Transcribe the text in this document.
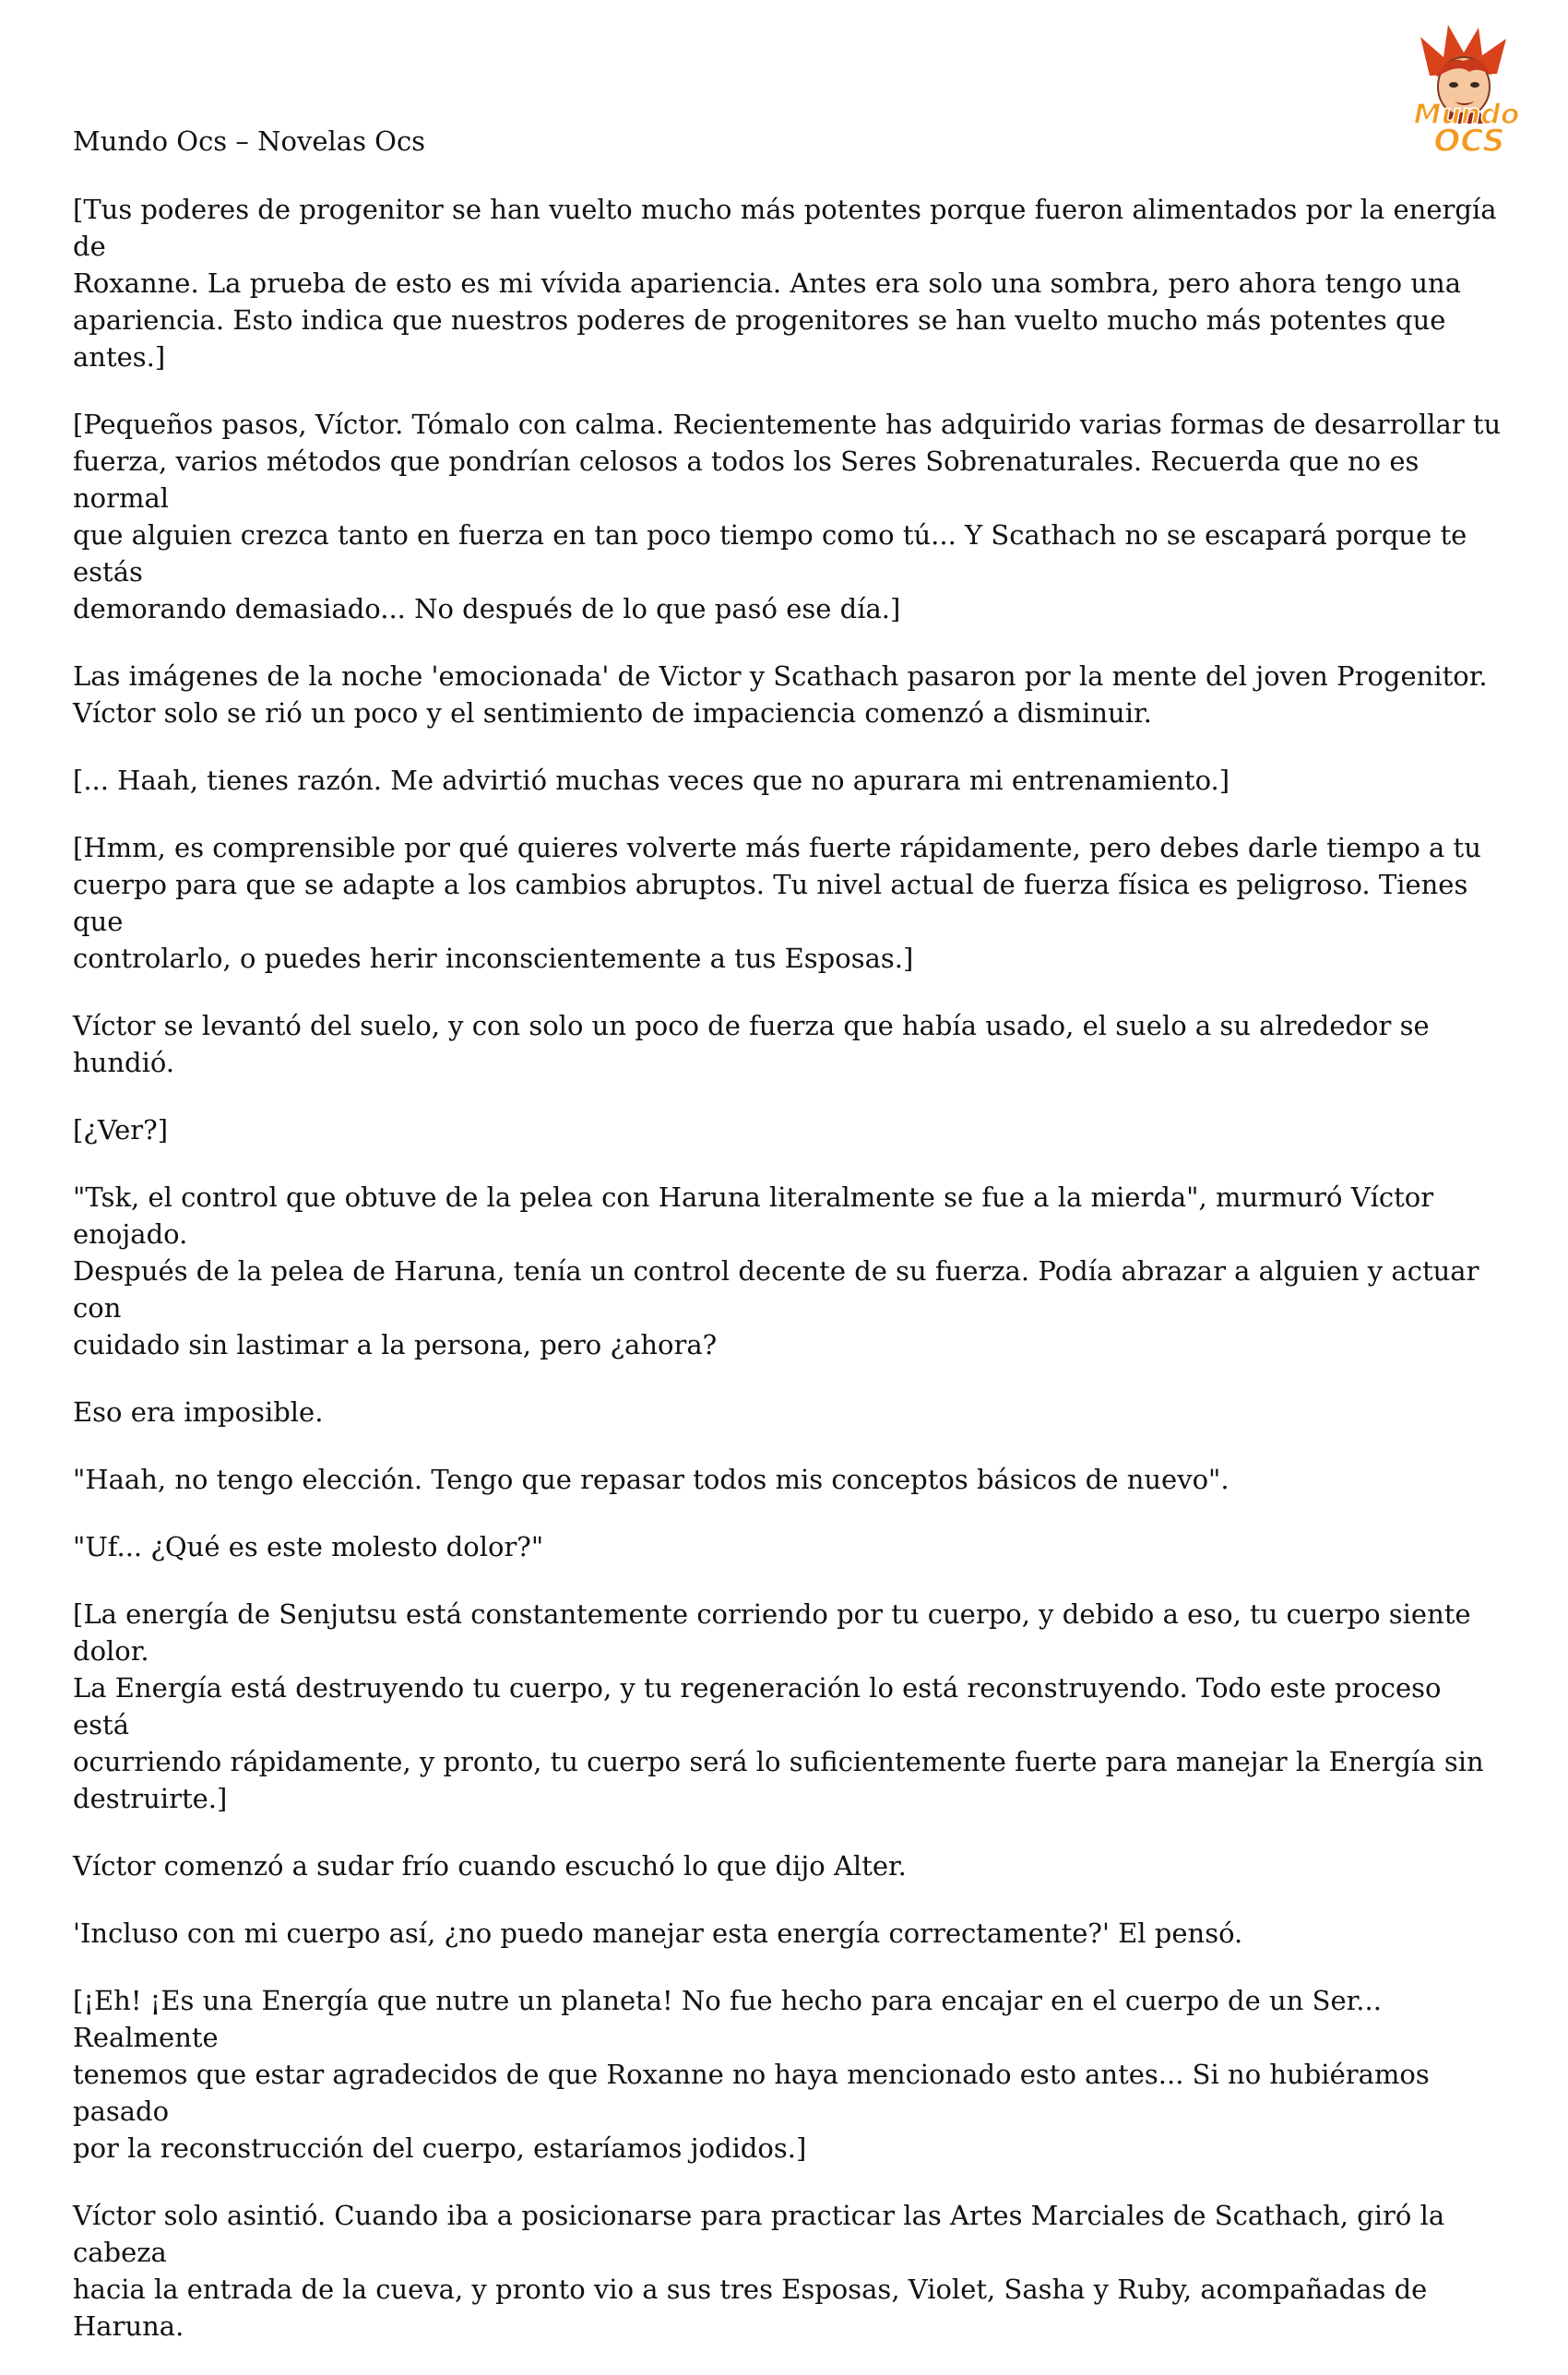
Mundo Ocs – Novelas Ocs
Mundo
OCS

[Tus poderes de progenitor se han vuelto mucho más potentes porque fueron alimentados por la energía de
Roxanne. La prueba de esto es mi vívida apariencia. Antes era solo una sombra, pero ahora tengo una
apariencia. Esto indica que nuestros poderes de progenitores se han vuelto mucho más potentes que antes.]

[Pequeños pasos, Víctor. Tómalo con calma. Recientemente has adquirido varias formas de desarrollar tu
fuerza, varios métodos que pondrían celosos a todos los Seres Sobrenaturales. Recuerda que no es normal
que alguien crezca tanto en fuerza en tan poco tiempo como tú... Y Scathach no se escapará porque te estás
demorando demasiado... No después de lo que pasó ese día.]

Las imágenes de la noche 'emocionada' de Victor y Scathach pasaron por la mente del joven Progenitor.
Víctor solo se rió un poco y el sentimiento de impaciencia comenzó a disminuir.

[... Haah, tienes razón. Me advirtió muchas veces que no apurara mi entrenamiento.]

[Hmm, es comprensible por qué quieres volverte más fuerte rápidamente, pero debes darle tiempo a tu
cuerpo para que se adapte a los cambios abruptos. Tu nivel actual de fuerza física es peligroso. Tienes que
controlarlo, o puedes herir inconscientemente a tus Esposas.]

Víctor se levantó del suelo, y con solo un poco de fuerza que había usado, el suelo a su alrededor se hundió.

[¿Ver?]

"Tsk, el control que obtuve de la pelea con Haruna literalmente se fue a la mierda", murmuró Víctor enojado.
Después de la pelea de Haruna, tenía un control decente de su fuerza. Podía abrazar a alguien y actuar con
cuidado sin lastimar a la persona, pero ¿ahora?

Eso era imposible.

"Haah, no tengo elección. Tengo que repasar todos mis conceptos básicos de nuevo".

"Uf... ¿Qué es este molesto dolor?"

[La energía de Senjutsu está constantemente corriendo por tu cuerpo, y debido a eso, tu cuerpo siente dolor.
La Energía está destruyendo tu cuerpo, y tu regeneración lo está reconstruyendo. Todo este proceso está
ocurriendo rápidamente, y pronto, tu cuerpo será lo suficientemente fuerte para manejar la Energía sin
destruirte.]

Víctor comenzó a sudar frío cuando escuchó lo que dijo Alter.

'Incluso con mi cuerpo así, ¿no puedo manejar esta energía correctamente?' El pensó.

[¡Eh! ¡Es una Energía que nutre un planeta! No fue hecho para encajar en el cuerpo de un Ser... Realmente
tenemos que estar agradecidos de que Roxanne no haya mencionado esto antes... Si no hubiéramos pasado
por la reconstrucción del cuerpo, estaríamos jodidos.]

Víctor solo asintió. Cuando iba a posicionarse para practicar las Artes Marciales de Scathach, giró la cabeza
hacia la entrada de la cueva, y pronto vio a sus tres Esposas, Violet, Sasha y Ruby, acompañadas de Haruna.
